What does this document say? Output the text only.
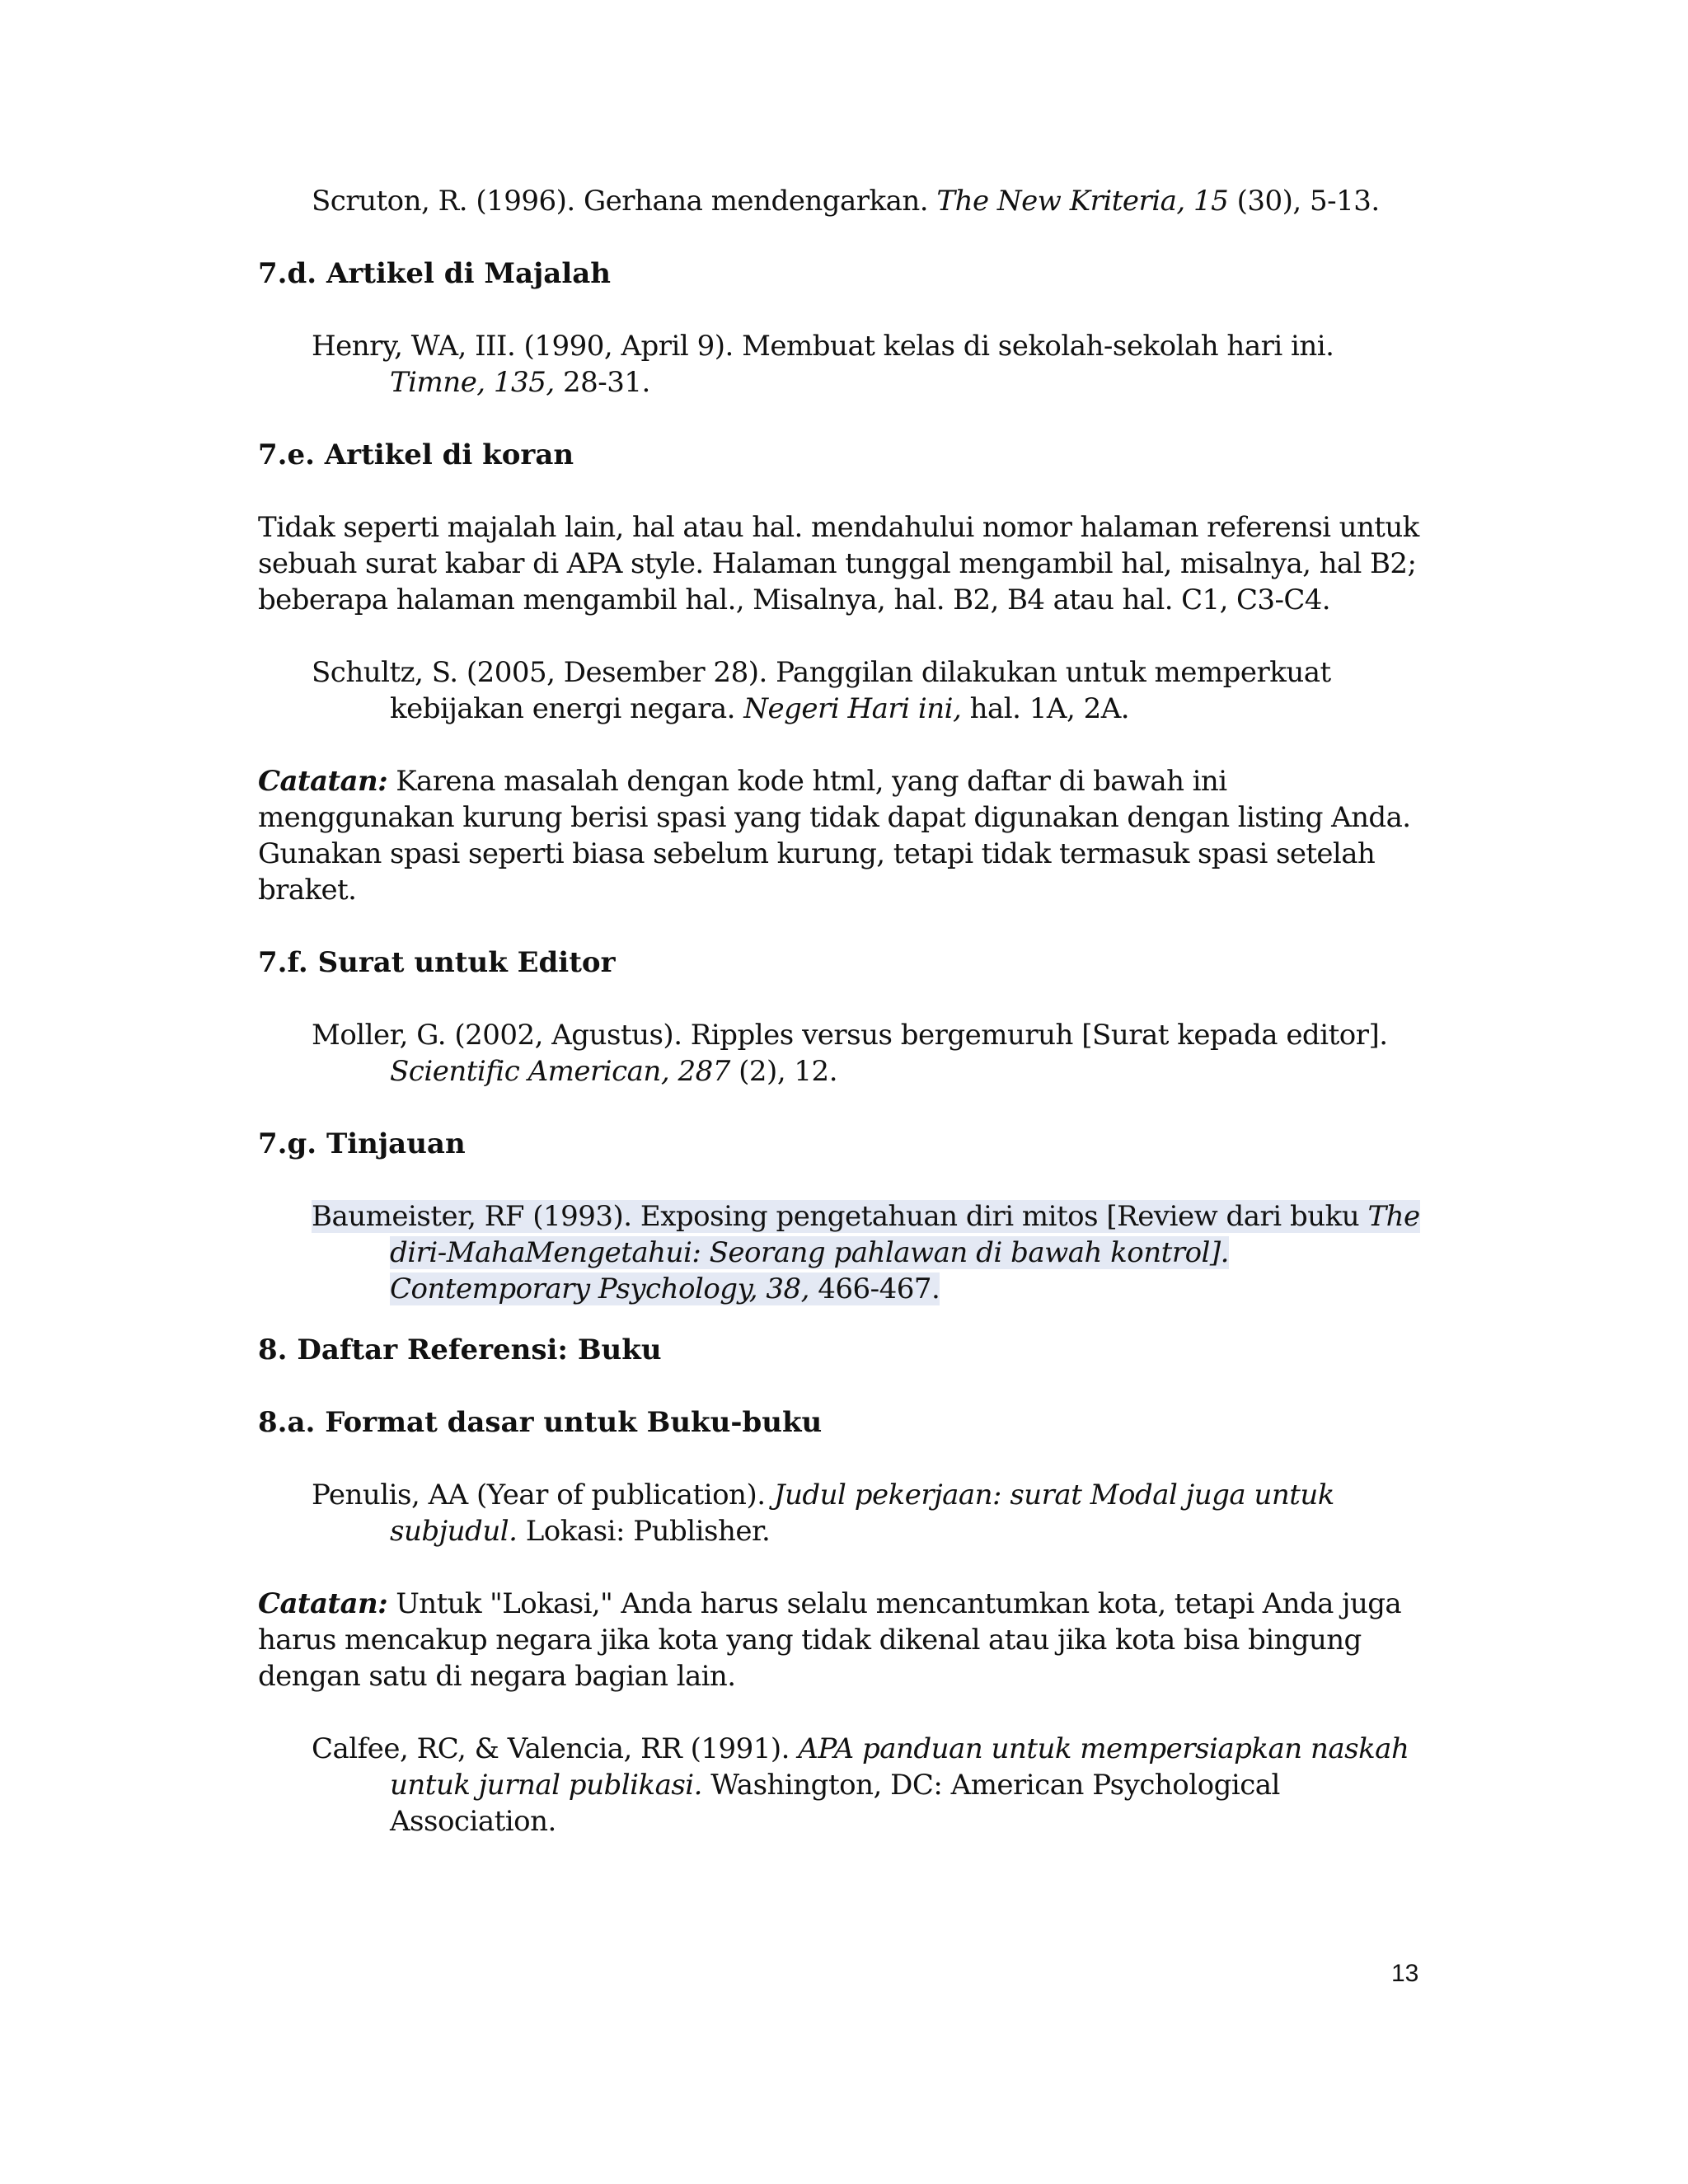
Scruton, R. (1996). Gerhana mendengarkan. The New Kriteria, 15 (30), 5-13.

7.d. Artikel di Majalah

Henry, WA, III. (1990, April 9). Membuat kelas di sekolah-sekolah hari ini. Timne, 135, 28-31.

7.e. Artikel di koran

Tidak seperti majalah lain, hal atau hal. mendahului nomor halaman referensi untuk sebuah surat kabar di APA style. Halaman tunggal mengambil hal, misalnya, hal B2; beberapa halaman mengambil hal., Misalnya, hal. B2, B4 atau hal. C1, C3-C4.

Schultz, S. (2005, Desember 28). Panggilan dilakukan untuk memperkuat kebijakan energi negara. Negeri Hari ini, hal. 1A, 2A.

Catatan: Karena masalah dengan kode html, yang daftar di bawah ini menggunakan kurung berisi spasi yang tidak dapat digunakan dengan listing Anda. Gunakan spasi seperti biasa sebelum kurung, tetapi tidak termasuk spasi setelah braket.

7.f. Surat untuk Editor

Moller, G. (2002, Agustus). Ripples versus bergemuruh [Surat kepada editor]. Scientific American, 287 (2), 12.

7.g. Tinjauan

Baumeister, RF (1993). Exposing pengetahuan diri mitos [Review dari buku The diri-MahaMengetahui: Seorang pahlawan di bawah kontrol]. Contemporary Psychology, 38, 466-467.

8. Daftar Referensi: Buku

8.a. Format dasar untuk Buku-buku

Penulis, AA (Year of publication). Judul pekerjaan: surat Modal juga untuk subjudul. Lokasi: Publisher.

Catatan: Untuk "Lokasi," Anda harus selalu mencantumkan kota, tetapi Anda juga harus mencakup negara jika kota yang tidak dikenal atau jika kota bisa bingung dengan satu di negara bagian lain.

Calfee, RC, & Valencia, RR (1991). APA panduan untuk mempersiapkan naskah untuk jurnal publikasi. Washington, DC: American Psychological Association.

13
